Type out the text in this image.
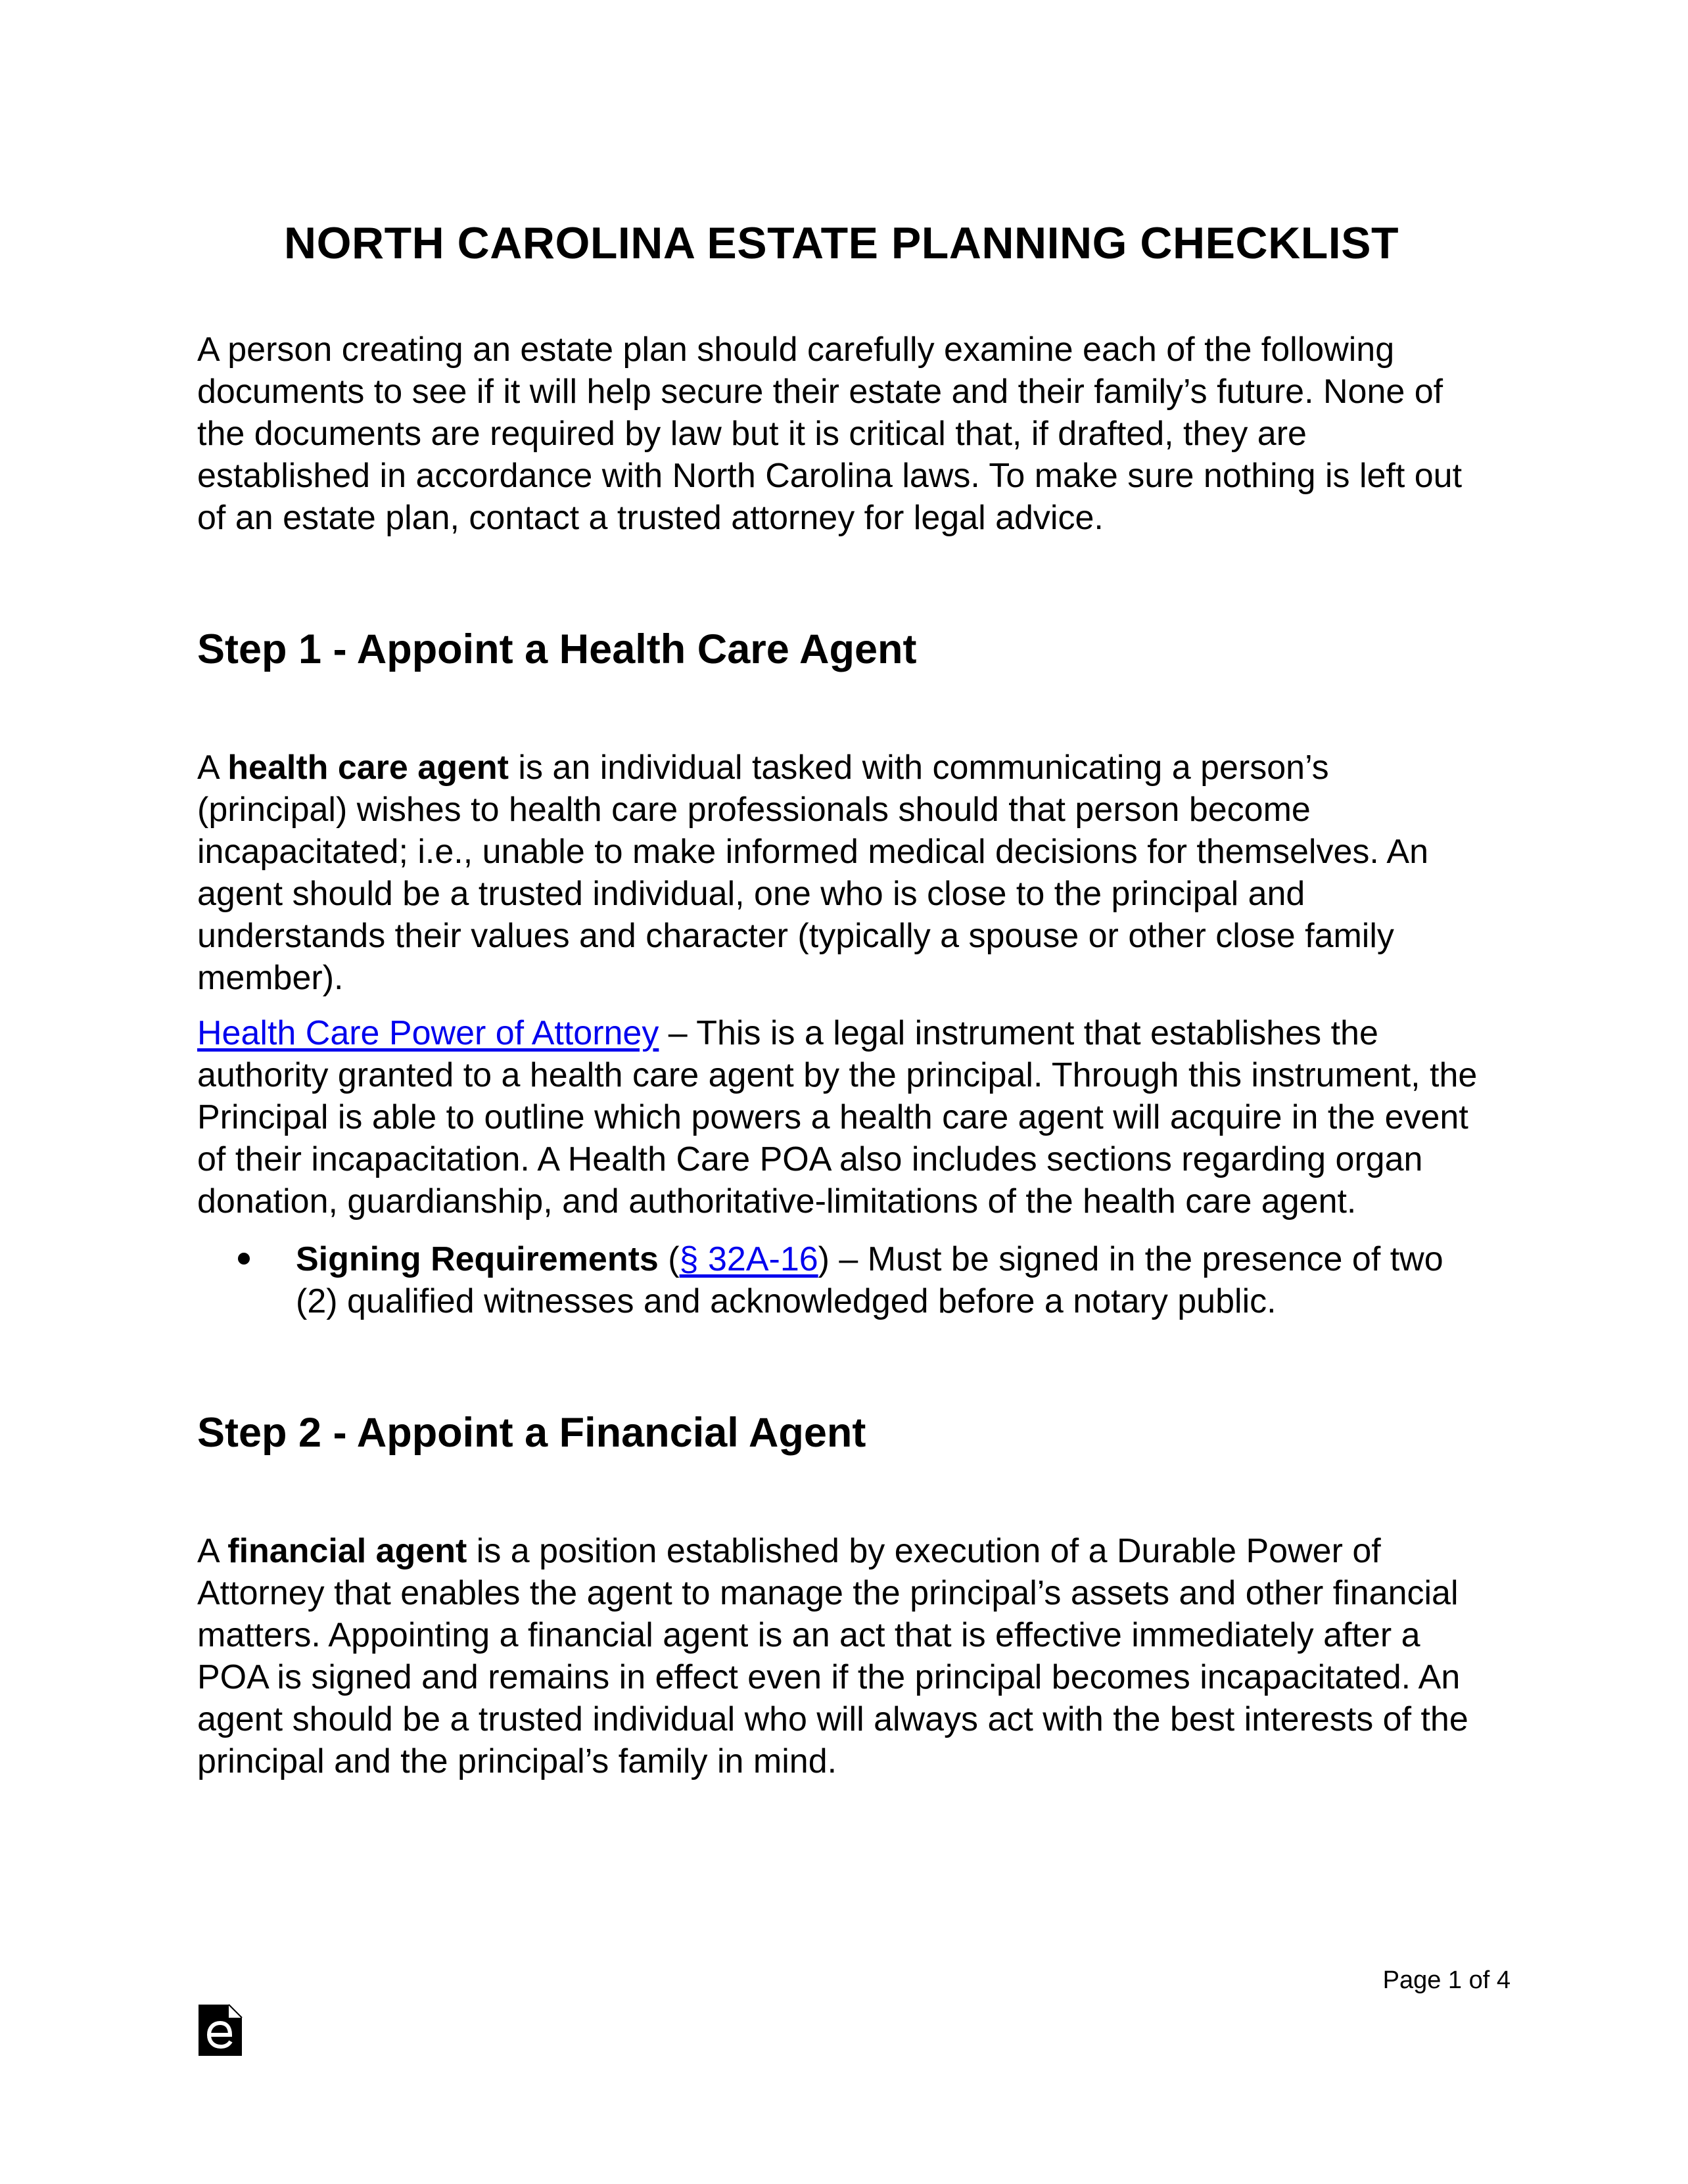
NORTH CAROLINA ESTATE PLANNING CHECKLIST

A person creating an estate plan should carefully examine each of the following documents to see if it will help secure their estate and their family’s future. None of the documents are required by law but it is critical that, if drafted, they are established in accordance with North Carolina laws. To make sure nothing is left out of an estate plan, contact a trusted attorney for legal advice.

Step 1 - Appoint a Health Care Agent

A health care agent is an individual tasked with communicating a person’s (principal) wishes to health care professionals should that person become incapacitated; i.e., unable to make informed medical decisions for themselves. An agent should be a trusted individual, one who is close to the principal and understands their values and character (typically a spouse or other close family member).

Health Care Power of Attorney – This is a legal instrument that establishes the authority granted to a health care agent by the principal. Through this instrument, the Principal is able to outline which powers a health care agent will acquire in the event of their incapacitation. A Health Care POA also includes sections regarding organ donation, guardianship, and authoritative-limitations of the health care agent.

Signing Requirements (§ 32A-16) – Must be signed in the presence of two (2) qualified witnesses and acknowledged before a notary public.
Step 2 - Appoint a Financial Agent

A financial agent is a position established by execution of a Durable Power of Attorney that enables the agent to manage the principal’s assets and other financial matters. Appointing a financial agent is an act that is effective immediately after a POA is signed and remains in effect even if the principal becomes incapacitated. An agent should be a trusted individual who will always act with the best interests of the principal and the principal’s family in mind.

Page 1 of 4
